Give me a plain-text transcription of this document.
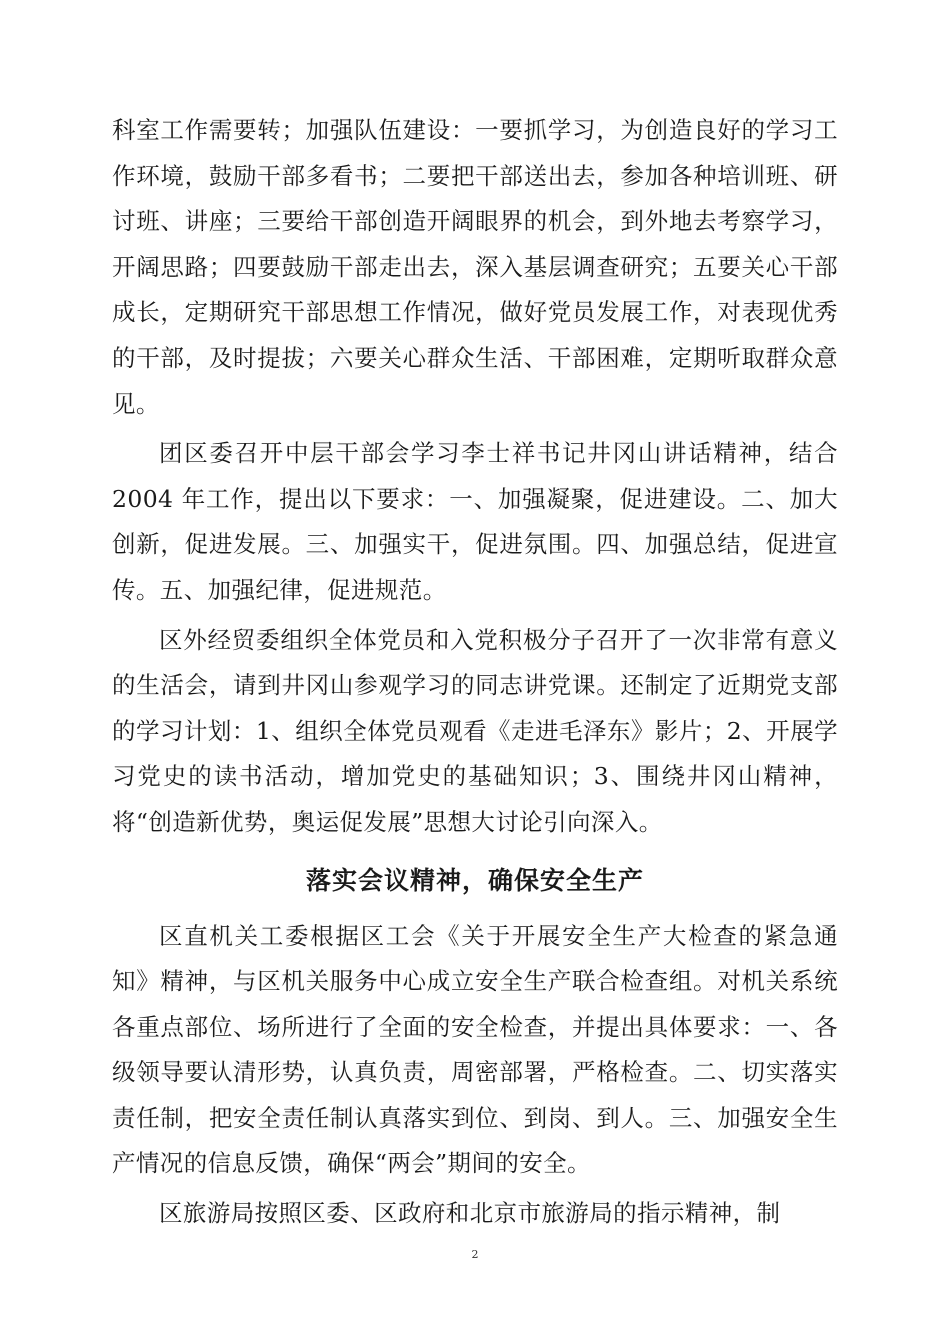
科室工作需要转；加强队伍建设：一要抓学习，为创造良好的学习工作环境，鼓励干部多看书；二要把干部送出去，参加各种培训班、研讨班、讲座；三要给干部创造开阔眼界的机会，到外地去考察学习，开阔思路；四要鼓励干部走出去，深入基层调查研究；五要关心干部成长，定期研究干部思想工作情况，做好党员发展工作，对表现优秀的干部，及时提拔；六要关心群众生活、干部困难，定期听取群众意见。

团区委召开中层干部会学习李士祥书记井冈山讲话精神，结合 2004 年工作，提出以下要求：一、加强凝聚，促进建设。二、加大创新，促进发展。三、加强实干，促进氛围。四、加强总结，促进宣传。五、加强纪律，促进规范。

区外经贸委组织全体党员和入党积极分子召开了一次非常有意义的生活会，请到井冈山参观学习的同志讲党课。还制定了近期党支部的学习计划：1、组织全体党员观看《走进毛泽东》影片；2、开展学习党史的读书活动，增加党史的基础知识；3、围绕井冈山精神，将“创造新优势，奥运促发展”思想大讨论引向深入。

落实会议精神，确保安全生产

区直机关工委根据区工会《关于开展安全生产大检查的紧急通知》精神，与区机关服务中心成立安全生产联合检查组。对机关系统各重点部位、场所进行了全面的安全检查，并提出具体要求：一、各级领导要认清形势，认真负责，周密部署，严格检查。二、切实落实责任制，把安全责任制认真落实到位、到岗、到人。三、加强安全生产情况的信息反馈，确保“两会”期间的安全。

区旅游局按照区委、区政府和北京市旅游局的指示精神，制

2
